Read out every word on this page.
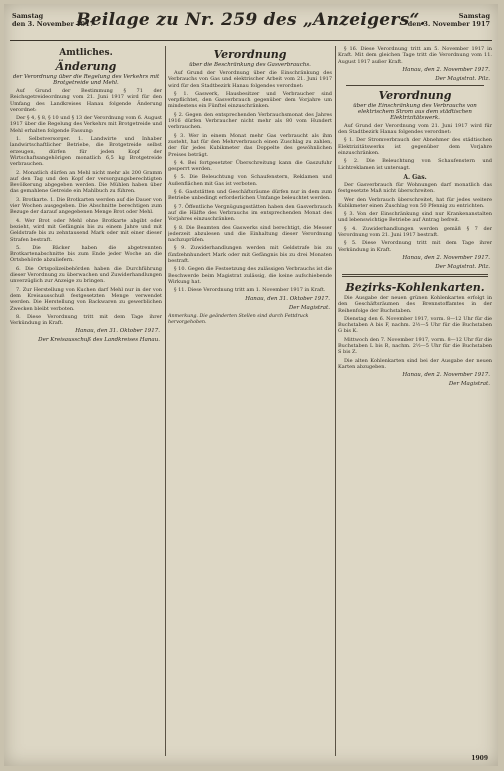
Samstag
den 3. November 1917
Beilage zu Nr. 259 des „Anzeigers“.	Samstag
den 3. November 1917
Amtliches.
Änderung
der Verordnung über die Regelung des Verkehrs mit Brotgetreide und Mehl.

Auf Grund der Bestimmung § 71 der Reichsgetreideordnung vom 21. Juni 1917 wird für den Umfang des Landkreises Hanau folgende Änderung verordnet:

Der § 4, § 8, § 10 und § 13 der Verordnung vom 6. August 1917 über die Regelung des Verkehrs mit Brotgetreide und Mehl erhalten folgende Fassung:

1. Selbstversorger. 1. Landwirte und Inhaber landwirtschaftlicher Betriebe, die Brotgetreide selbst erzeugen, dürfen für jeden Kopf der Wirtschaftsangehörigen monatlich 6,5 kg Brotgetreide verbrauchen.

2. Monatlich dürfen an Mehl nicht mehr als 200 Gramm auf den Tag und den Kopf der versorgungsberechtigten Bevölkerung abgegeben werden. Die Mühlen haben über das gemahlene Getreide ein Mahlbuch zu führen.

3. Brotkarte. 1. Die Brotkarten werden auf die Dauer von vier Wochen ausgegeben. Die Abschnitte berechtigen zum Bezuge der darauf angegebenen Menge Brot oder Mehl.

4. Wer Brot oder Mehl ohne Brotkarte abgibt oder bezieht, wird mit Gefängnis bis zu einem Jahre und mit Geldstrafe bis zu zehntausend Mark oder mit einer dieser Strafen bestraft.

5. Die Bäcker haben die abgetrennten Brotkartenabschnitte bis zum Ende jeder Woche an die Ortsbehörde abzuliefern.

6. Die Ortspolizeibehörden haben die Durchführung dieser Verordnung zu überwachen und Zuwiderhandlungen unverzüglich zur Anzeige zu bringen.

7. Zur Herstellung von Kuchen darf Mehl nur in der von dem Kreisausschuß festgesetzten Menge verwendet werden. Die Herstellung von Backwaren zu gewerblichen Zwecken bleibt verboten.

8. Diese Verordnung tritt mit dem Tage ihrer Verkündung in Kraft.

Hanau, den 31. Oktober 1917.
Der Kreisausschuß des Landkreises Hanau.
Verordnung
über die Beschränkung des Gasverbrauchs.

Auf Grund der Verordnung über die Einschränkung des Verbrauchs von Gas und elektrischer Arbeit vom 21. Juni 1917 wird für den Stadtbezirk Hanau folgendes verordnet:

§ 1. Gaswerk, Hausbesitzer und Verbraucher sind verpflichtet, den Gasverbrauch gegenüber dem Vorjahre um mindestens ein Fünftel einzuschränken.

§ 2. Gegen den entsprechenden Verbrauchsmonat des Jahres 1916 dürfen Verbraucher nicht mehr als 80 vom Hundert verbrauchen.

§ 3. Wer in einem Monat mehr Gas verbraucht als ihm zusteht, hat für den Mehrverbrauch einen Zuschlag zu zahlen, der für jedes Kubikmeter das Doppelte des gewöhnlichen Preises beträgt.

§ 4. Bei fortgesetzter Überschreitung kann die Gaszufuhr gesperrt werden.

§ 5. Die Beleuchtung von Schaufenstern, Reklamen und Außenflächen mit Gas ist verboten.

§ 6. Gaststätten und Geschäftsräume dürfen nur in dem zum Betriebe unbedingt erforderlichen Umfange beleuchtet werden.

§ 7. Öffentliche Vergnügungsstätten haben den Gasverbrauch auf die Hälfte des Verbrauchs im entsprechenden Monat des Vorjahres einzuschränken.

§ 8. Die Beamten des Gaswerks sind berechtigt, die Messer jederzeit abzulesen und die Einhaltung dieser Verordnung nachzuprüfen.

§ 9. Zuwiderhandlungen werden mit Geldstrafe bis zu fünfzehnhundert Mark oder mit Gefängnis bis zu drei Monaten bestraft.

§ 10. Gegen die Festsetzung des zulässigen Verbrauchs ist die Beschwerde beim Magistrat zulässig, die keine aufschiebende Wirkung hat.

§ 11. Diese Verordnung tritt am 1. November 1917 in Kraft.

Hanau, den 31. Oktober 1917.
Der Magistrat.
Anmerkung. Die geänderten Stellen sind durch Fettdruck hervorgehoben.

§ 16. Diese Verordnung tritt am 5. November 1917 in Kraft. Mit dem gleichen Tage tritt die Verordnung vom 11. August 1917 außer Kraft.

Hanau, den 2. November 1917.
Der Magistrat. Pilz.
Verordnung
über die Einschränkung des Verbrauchs von elektrischem Strom aus dem städtischen Elektrizitätswerk.

Auf Grund der Verordnung vom 21. Juni 1917 wird für den Stadtbezirk Hanau folgendes verordnet:

§ 1. Der Stromverbrauch der Abnehmer des städtischen Elektrizitätswerks ist gegenüber dem Vorjahre einzuschränken.

§ 2. Die Beleuchtung von Schaufenstern und Lichtreklamen ist untersagt.

A. Gas.

Der Gasverbrauch für Wohnungen darf monatlich das festgesetzte Maß nicht überschreiten.

Wer den Verbrauch überschreitet, hat für jedes weitere Kubikmeter einen Zuschlag von 50 Pfennig zu entrichten.

§ 3. Von der Einschränkung sind nur Krankenanstalten und lebenswichtige Betriebe auf Antrag befreit.

§ 4. Zuwiderhandlungen werden gemäß § 7 der Verordnung vom 21. Juni 1917 bestraft.

§ 5. Diese Verordnung tritt mit dem Tage ihrer Verkündung in Kraft.

Hanau, den 2. November 1917.
Der Magistrat. Pilz.
Bezirks-Kohlenkarten.

Die Ausgabe der neuen grünen Kohlenkarten erfolgt in den Geschäftsräumen des Brennstoffamtes in der Reihenfolge der Buchstaben.

Dienstag den 6. November 1917, vorm. 8—12 Uhr für die Buchstaben A bis F, nachm. 2½—5 Uhr für die Buchstaben G bis K.

Mittwoch den 7. November 1917, vorm. 8—12 Uhr für die Buchstaben L bis R, nachm. 2½—5 Uhr für die Buchstaben S bis Z.

Die alten Kohlenkarten sind bei der Ausgabe der neuen Karten abzugeben.

Hanau, den 2. November 1917.
Der Magistrat.
1909
